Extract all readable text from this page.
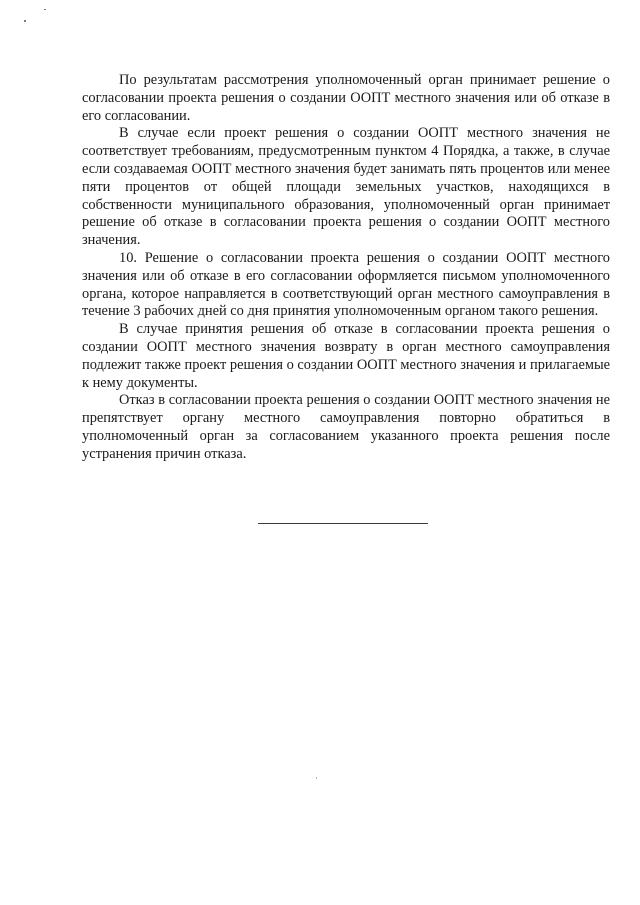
По результатам рассмотрения уполномоченный орган принимает решение о согласовании проекта решения о создании ООПТ местного значения или об отказе в его согласовании.

В случае если проект решения о создании ООПТ местного значения не соответствует требованиям, предусмотренным пунктом 4 Порядка, а также, в случае если создаваемая ООПТ местного значения будет занимать пять процентов или менее пяти процентов от общей площади земельных участков, находящихся в собственности муниципального образования, уполномоченный орган принимает решение об отказе в согласовании проекта решения о создании ООПТ местного значения.

10. Решение о согласовании проекта решения о создании ООПТ местного значения или об отказе в его согласовании оформляется письмом уполномоченного органа, которое направляется в соответствующий орган местного самоуправления в течение 3 рабочих дней со дня принятия уполномоченным органом такого решения.

В случае принятия решения об отказе в согласовании проекта решения о создании ООПТ местного значения возврату в орган местного самоуправления подлежит также проект решения о создании ООПТ местного значения и прилагаемые к нему документы.

Отказ в согласовании проекта решения о создании ООПТ местного значения не препятствует органу местного самоуправления повторно обратиться в уполномоченный орган за согласованием указанного проекта решения после устранения причин отказа.
